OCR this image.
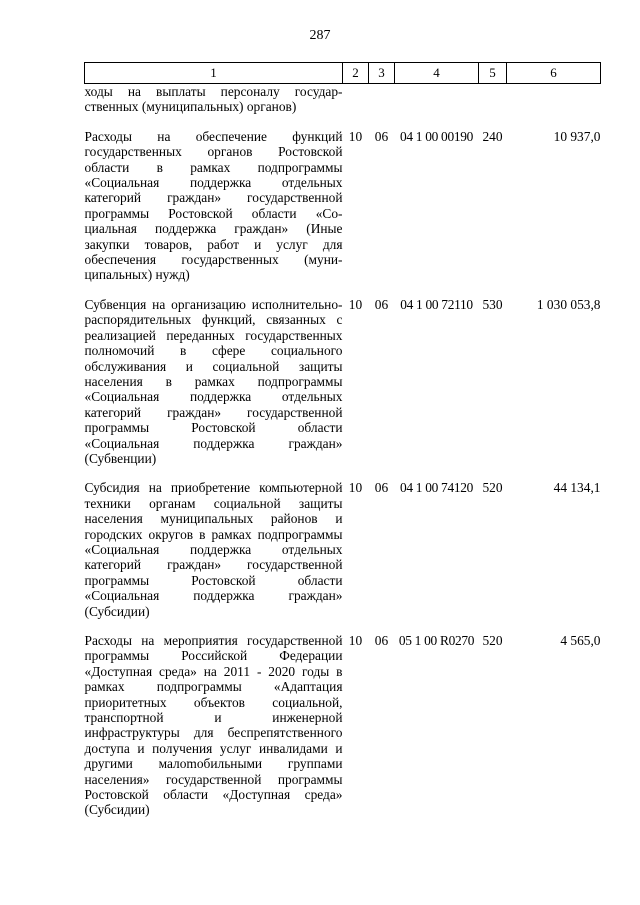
287
1	2	3	4	5	6
ходы на выплаты персоналу государственных (муниципальных) органов)					

Расходы на обеспечение функций государственных органов Ростовской области в рамках подпрограммы «Социальная поддержка отдельных категорий граждан» государственной программы Ростовской области «Социальная поддержка граждан» (Иные закупки товаров, работ и услуг для обеспечения государственных (муниципальных) нужд)	10	06	04 1 00 00190	240	10 937,0

Субвенция на организацию исполнительно-распорядительных функций, связанных с реализацией переданных государственных полномочий в сфере социального обслуживания и социальной защиты населения в рамках подпрограммы «Социальная поддержка отдельных категорий граждан» государственной программы Ростовской области «Социальная поддержка граждан» (Субвенции)	10	06	04 1 00 72110	530	1 030 053,8

Субсидия на приобретение компьютерной техники органам социальной защиты населения муниципальных районов и городских округов в рамках подпрограммы «Социальная поддержка отдельных категорий граждан» государственной программы Ростовской области «Социальная поддержка граждан» (Субсидии)	10	06	04 1 00 74120	520	44 134,1

Расходы на мероприятия государственной программы Российской Федерации «Доступная среда» на 2011 - 2020 годы в рамках подпрограммы «Адаптация приоритетных объектов социальной, транспортной и инженерной инфраструктуры для беспрепятственного доступа и получения услуг инвалидами и другими малоmобильными группами населения» государственной программы Ростовской области «Доступная среда» (Субсидии)	10	06	05 1 00 R0270	520	4 565,0
